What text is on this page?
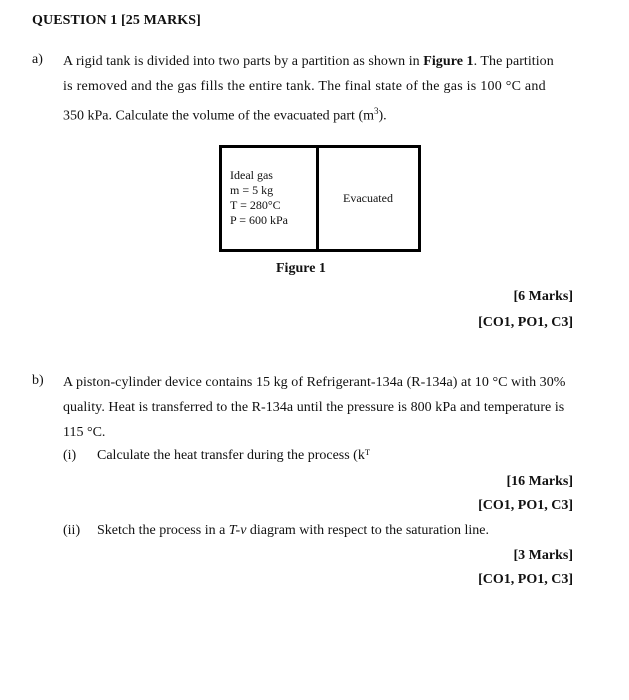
QUESTION 1 [25 MARKS]
a) A rigid tank is divided into two parts by a partition as shown in Figure 1. The partition
is removed and the gas fills the entire tank. The final state of the gas is 100 °C and
350 kPa. Calculate the volume of the evacuated part $(m^3)$.
Ideal gas
m = 5 kg
T = 280°C
P = 600 kPa
Evacuated
Figure 1
[6 Marks]
[CO1, PO1, C3]
b) A piston-cylinder device contains 15 kg of Refrigerant-134a (R-134a) at 10 °C with 30%
quality. Heat is transferred to the R-134a until the pressure is 800 kPa and temperature is
115 °C.
(i) Calculate the heat transfer during the process (kᵀ
[16 Marks]
[CO1, PO1, C3]
(ii) Sketch the process in a T-v diagram with respect to the saturation line.
[3 Marks]
[CO1, PO1, C3]
